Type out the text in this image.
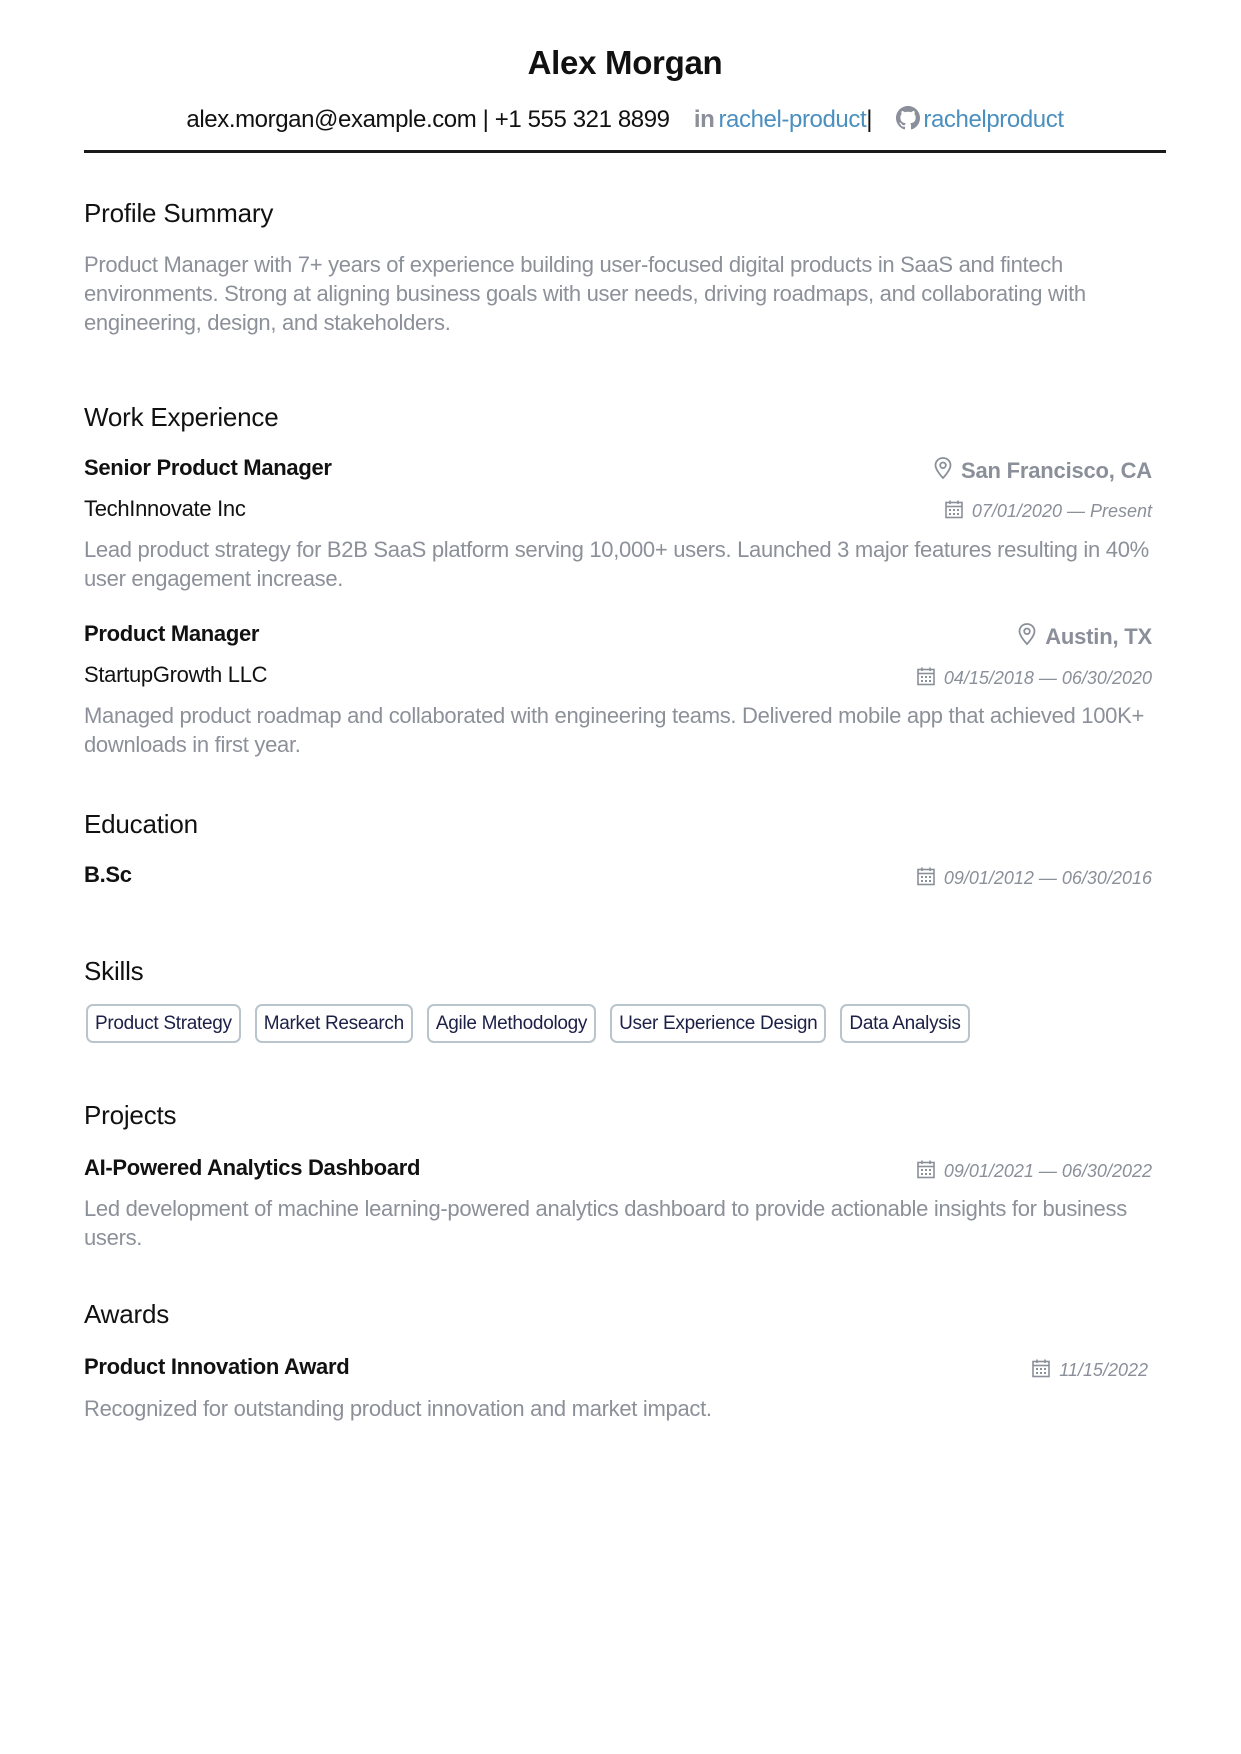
Alex Morgan
alex.morgan@example.com | +1 555 321 8899 in rachel-product| rachelproduct
Profile Summary
Product Manager with 7+ years of experience building user-focused digital products in SaaS and fintech environments. Strong at aligning business goals with user needs, driving roadmaps, and collaborating with engineering, design, and stakeholders.
Work Experience
Senior Product Manager	San Francisco, CA
TechInnovate Inc	07/01/2020 — Present
Lead product strategy for B2B SaaS platform serving 10,000+ users. Launched 3 major features resulting in 40% user engagement increase.
Product Manager	Austin, TX
StartupGrowth LLC	04/15/2018 — 06/30/2020
Managed product roadmap and collaborated with engineering teams. Delivered mobile app that achieved 100K+ downloads in first year.
Education
B.Sc	09/01/2012 — 06/30/2016
Skills
Product Strategy	Market Research	Agile Methodology	User Experience Design	Data Analysis
Projects
AI-Powered Analytics Dashboard	09/01/2021 — 06/30/2022
Led development of machine learning-powered analytics dashboard to provide actionable insights for business users.
Awards
Product Innovation Award	11/15/2022
Recognized for outstanding product innovation and market impact.
